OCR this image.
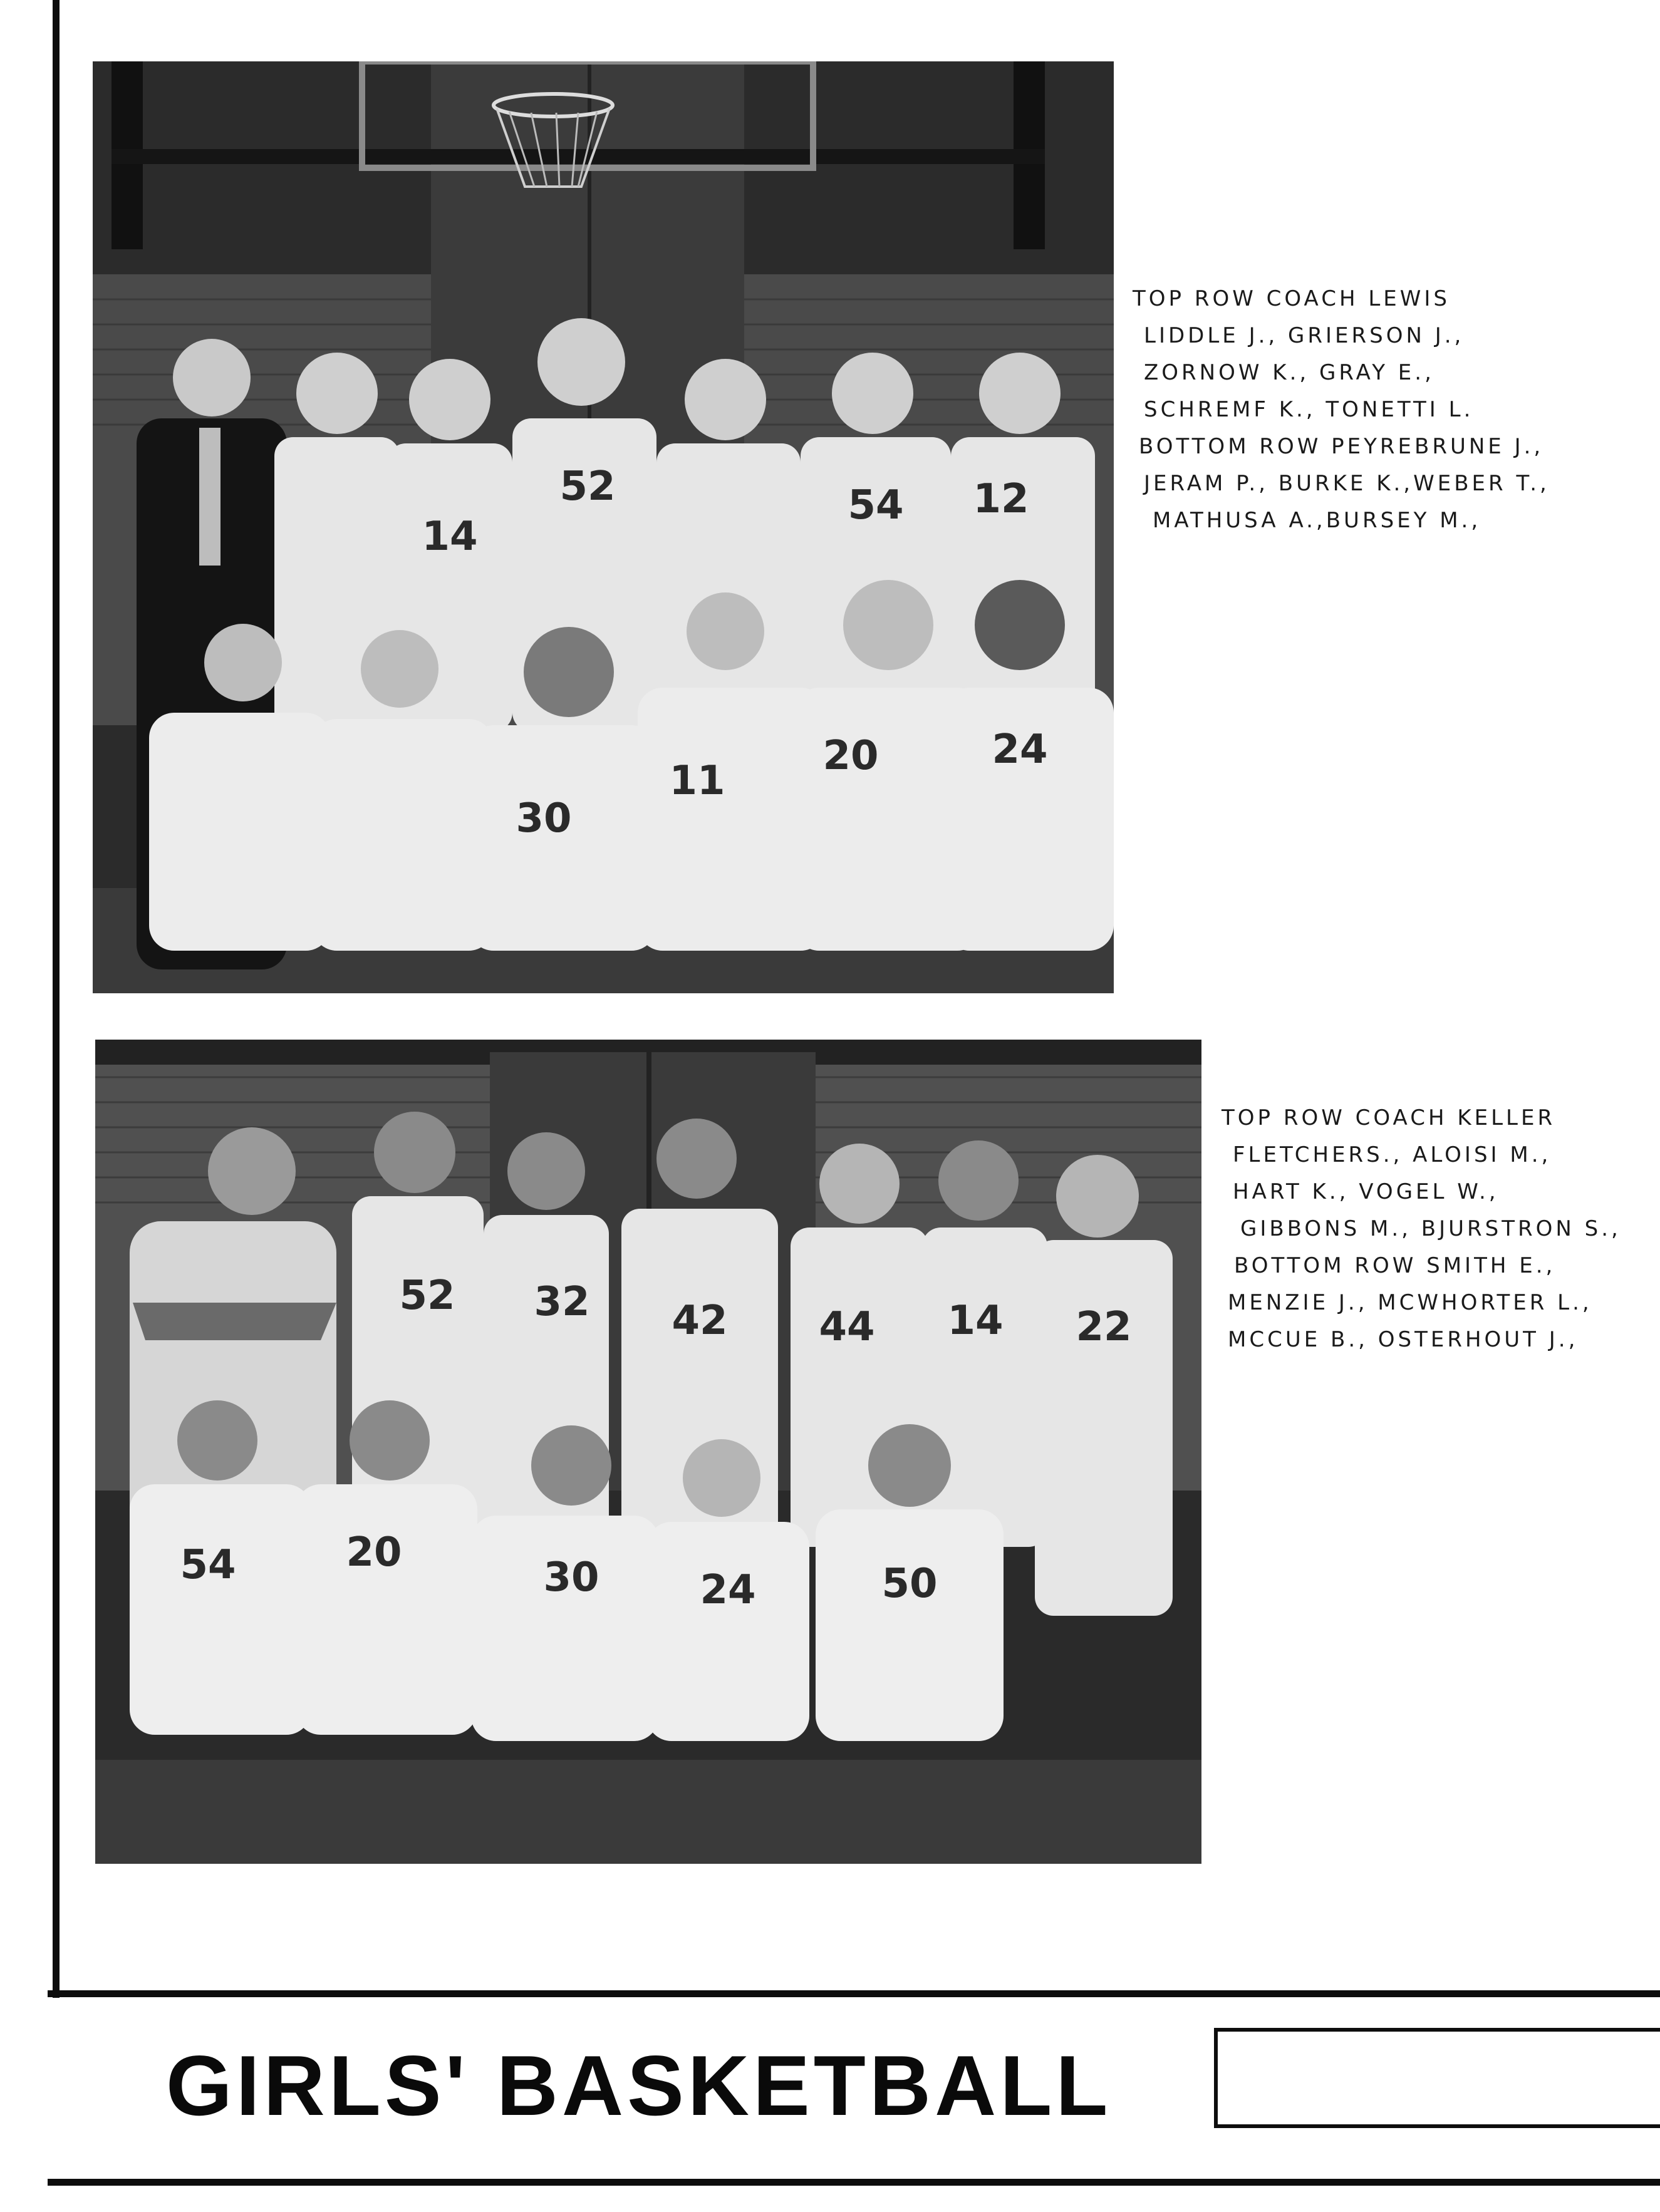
14
52	54 12
20	24
11
30
TOP ROW COACH LEWIS
LIDDLE J., GRIERSON J.,
ZORNOW K., GRAY E.,
SCHREMF K., TONETTI L.
BOTTOM ROW PEYREBRUNE J.,
JERAM P., BURKE K.,WEBER T.,
MATHUSA A.,BURSEY M.,
52 32 42 44 14 22
54	20
30	24	50
TOP ROW COACH KELLER
FLETCHERS., ALOISI M.,
HART K., VOGEL W.,
GIBBONS M., BJURSTRON S.,
BOTTOM ROW SMITH E.,
MENZIE J., MCWHORTER L.,
MCCUE B., OSTERHOUT J.,
GIRLS' BASKETBALL
